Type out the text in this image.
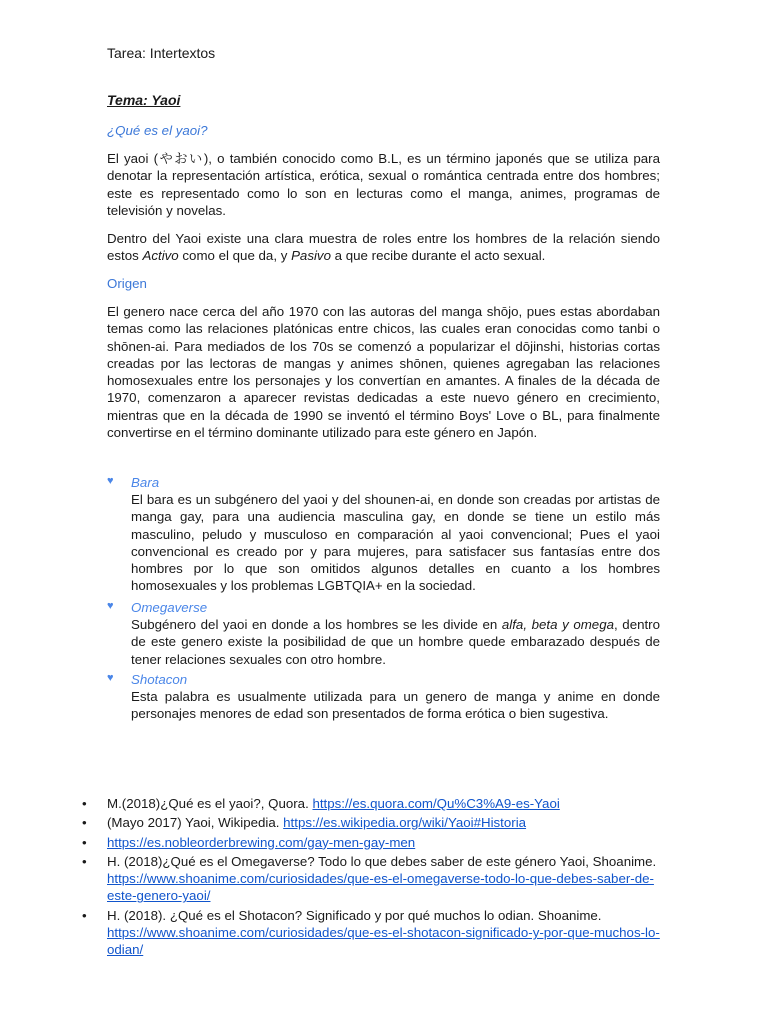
Tarea: Intertextos
Tema: Yaoi
¿Qué es el yaoi?

El yaoi (やおい), o también conocido como B.L, es un término japonés que se utiliza para denotar la representación artística, erótica, sexual o romántica centrada entre dos hombres; este es representado como lo son en lecturas como el manga, animes, programas de televisión y novelas.

Dentro del Yaoi existe una clara muestra de roles entre los hombres de la relación siendo estos Activo como el que da, y Pasivo a que recibe durante el acto sexual.

Origen

El genero nace cerca del año 1970 con las autoras del manga shōjo, pues estas abordaban temas como las relaciones platónicas entre chicos, las cuales eran conocidas como tanbi o shōnen-ai. Para mediados de los 70s se comenzó a popularizar el dōjinshi, historias cortas creadas por las lectoras de mangas y animes shōnen, quienes agregaban las relaciones homosexuales entre los personajes y los convertían en amantes. A finales de la década de 1970, comenzaron a aparecer revistas dedicadas a este nuevo género en crecimiento, mientras que en la década de 1990 se inventó el término Boys' Love o BL, para finalmente convertirse en el término dominante utilizado para este género en Japón.

♥ Bara

El bara es un subgénero del yaoi y del shounen-ai, en donde son creadas por artistas de manga gay, para una audiencia masculina gay, en donde se tiene un estilo más masculino, peludo y musculoso en comparación al yaoi convencional; Pues el yaoi convencional es creado por y para mujeres, para satisfacer sus fantasías entre dos hombres por lo que son omitidos algunos detalles en cuanto a los hombres homosexuales y los problemas LGBTQIA+ en la sociedad.

♥ Omegaverse

Subgénero del yaoi en donde a los hombres se les divide en alfa, beta y omega, dentro de este genero existe la posibilidad de que un hombre quede embarazado después de tener relaciones sexuales con otro hombre.

♥ Shotacon

Esta palabra es usualmente utilizada para un genero de manga y anime en donde personajes menores de edad son presentados de forma erótica o bien sugestiva.

• M.(2018)¿Qué es el yaoi?, Quora. https://es.quora.com/Qu%C3%A9-es-Yaoi
• (Mayo 2017) Yaoi, Wikipedia. https://es.wikipedia.org/wiki/Yaoi#Historia
• https://es.nobleorderbrewing.com/gay-men-gay-men
• H. (2018)¿Qué es el Omegaverse? Todo lo que debes saber de este género Yaoi, Shoanime. https://www.shoanime.com/curiosidades/que-es-el-omegaverse-todo-lo-que-debes-saber-de-este-genero-yaoi/
• H. (2018). ¿Qué es el Shotacon? Significado y por qué muchos lo odian. Shoanime. https://www.shoanime.com/curiosidades/que-es-el-shotacon-significado-y-por-que-muchos-lo-odian/
